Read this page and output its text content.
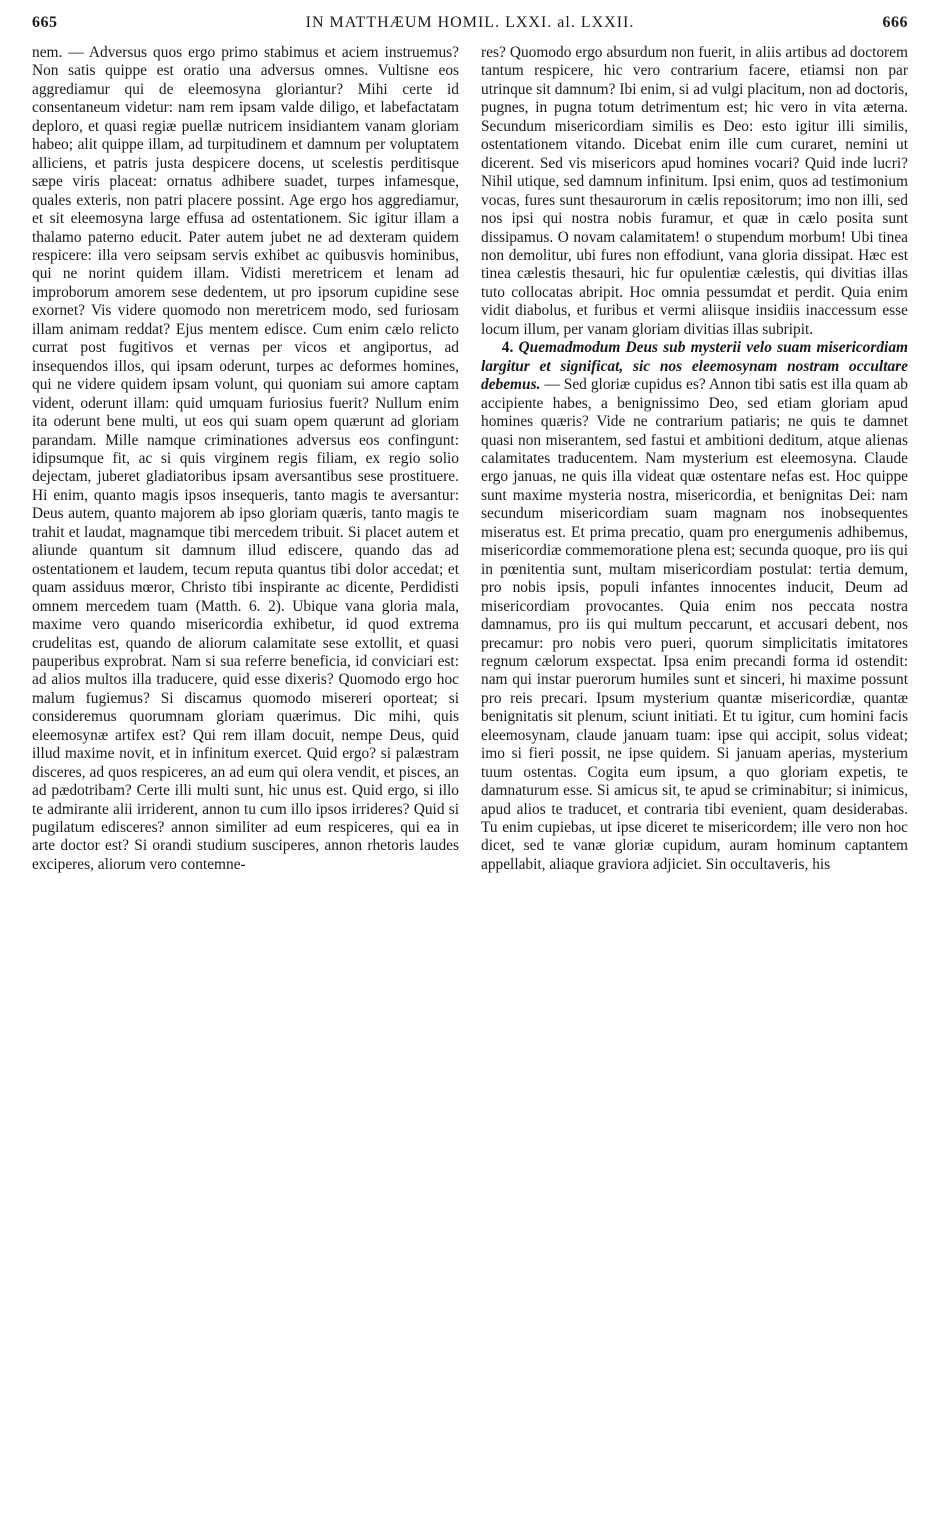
665	IN MATTHÆUM HOMIL. LXXI. al. LXXII.	666

nem. — Adversus quos ergo primo stabimus et aciem instruemus? Non satis quippe est oratio una adversus omnes. Vultisne eos aggrediamur qui de eleemosyna gloriantur? Mihi certe id consentaneum videtur: nam rem ipsam valde diligo, et labefactatam deploro, et quasi regiæ puellæ nutricem insidiantem vanam gloriam habeo; alit quippe illam, ad turpitudinem et damnum per voluptatem alliciens, et patris justa despicere docens, ut scelestis perditisque sæpe viris placeat: ornatus adhibere suadet, turpes infamesque, quales exteris, non patri placere possint. Age ergo hos aggrediamur, et sit eleemosyna large effusa ad ostentationem. Sic igitur illam a thalamo paterno educit. Pater autem jubet ne ad dexteram quidem respicere: illa vero seipsam servis exhibet ac quibusvis hominibus, qui ne norint quidem illam. Vidisti meretricem et lenam ad improborum amorem sese dedentem, ut pro ipsorum cupidine sese exornet? Vis videre quomodo non meretricem modo, sed furiosam illam animam reddat? Ejus mentem edisce. Cum enim cælo relicto currat post fugitivos et vernas per vicos et angiportus, ad insequendos illos, qui ipsam oderunt, turpes ac deformes homines, qui ne videre quidem ipsam volunt, qui quoniam sui amore captam vident, oderunt illam: quid umquam furiosius fuerit? Nullum enim ita oderunt bene multi, ut eos qui suam opem quærunt ad gloriam parandam. Mille namque criminationes adversus eos confingunt: idipsumque fit, ac si quis virginem regis filiam, ex regio solio dejectam, juberet gladiatoribus ipsam aversantibus sese prostituere. Hi enim, quanto magis ipsos insequeris, tanto magis te aversantur: Deus autem, quanto majorem ab ipso gloriam quæris, tanto magis te trahit et laudat, magnamque tibi mercedem tribuit. Si placet autem et aliunde quantum sit damnum illud ediscere, quando das ad ostentationem et laudem, tecum reputa quantus tibi dolor accedat; et quam assiduus mœror, Christo tibi inspirante ac dicente, Perdidisti omnem mercedem tuam (Matth. 6. 2). Ubique vana gloria mala, maxime vero quando misericordia exhibetur, id quod extrema crudelitas est, quando de aliorum calamitate sese extollit, et quasi pauperibus exprobrat. Nam si sua referre beneficia, id conviciari est: ad alios multos illa traducere, quid esse dixeris? Quomodo ergo hoc malum fugiemus? Si discamus quomodo misereri oporteat; si consideremus quorumnam gloriam quærimus. Dic mihi, quis eleemosynæ artifex est? Qui rem illam docuit, nempe Deus, quid illud maxime novit, et in infinitum exercet. Quid ergo? si palæstram disceres, ad quos respiceres, an ad eum qui olera vendit, et pisces, an ad pædotribam? Certe illi multi sunt, hic unus est. Quid ergo, si illo te admirante alii irriderent, annon tu cum illo ipsos irrideres? Quid si pugilatum edisceres? annon similiter ad eum respiceres, qui ea in arte doctor est? Si orandi studium susciperes, annon rhetoris laudes exciperes, aliorum vero contemne-

res? Quomodo ergo absurdum non fuerit, in aliis artibus ad doctorem tantum respicere, hic vero contrarium facere, etiamsi non par utrinque sit damnum? Ibi enim, si ad vulgi placitum, non ad doctoris, pugnes, in pugna totum detrimentum est; hic vero in vita æterna. Secundum misericordiam similis es Deo: esto igitur illi similis, ostentationem vitando. Dicebat enim ille cum curaret, nemini ut dicerent. Sed vis misericors apud homines vocari? Quid inde lucri? Nihil utique, sed damnum infinitum. Ipsi enim, quos ad testimonium vocas, fures sunt thesaurorum in cælis repositorum; imo non illi, sed nos ipsi qui nostra nobis furamur, et quæ in cælo posita sunt dissipamus. O novam calamitatem! o stupendum morbum! Ubi tinea non demolitur, ubi fures non effodiunt, vana gloria dissipat. Hæc est tinea cælestis thesauri, hic fur opulentiæ cælestis, qui divitias illas tuto collocatas abripit. Hoc omnia pessumdat et perdit. Quia enim vidit diabolus, et furibus et vermi aliisque insidiis inaccessum esse locum illum, per vanam gloriam divitias illas subripit.

4. Quemadmodum Deus sub mysterii velo suam misericordiam largitur et significat, sic nos eleemosynam nostram occultare debemus. — Sed gloriæ cupidus es? Annon tibi satis est illa quam ab accipiente habes, a benignissimo Deo, sed etiam gloriam apud homines quæris? Vide ne contrarium patiaris; ne quis te damnet quasi non miserantem, sed fastui et ambitioni deditum, atque alienas calamitates traducentem. Nam mysterium est eleemosyna. Claude ergo januas, ne quis illa videat quæ ostentare nefas est. Hoc quippe sunt maxime mysteria nostra, misericordia, et benignitas Dei: nam secundum misericordiam suam magnam nos inobsequentes miseratus est. Et prima precatio, quam pro energumenis adhibemus, misericordiæ commemoratione plena est; secunda quoque, pro iis qui in pœnitentia sunt, multam misericordiam postulat: tertia demum, pro nobis ipsis, populi infantes innocentes inducit, Deum ad misericordiam provocantes. Quia enim nos peccata nostra damnamus, pro iis qui multum peccarunt, et accusari debent, nos precamur: pro nobis vero pueri, quorum simplicitatis imitatores regnum cælorum exspectat. Ipsa enim precandi forma id ostendit: nam qui instar puerorum humiles sunt et sinceri, hi maxime possunt pro reis precari. Ipsum mysterium quantæ misericordiæ, quantæ benignitatis sit plenum, sciunt initiati. Et tu igitur, cum homini facis eleemosynam, claude januam tuam: ipse qui accipit, solus videat; imo si fieri possit, ne ipse quidem. Si januam aperias, mysterium tuum ostentas. Cogita eum ipsum, a quo gloriam expetis, te damnaturum esse. Si amicus sit, te apud se criminabitur; si inimicus, apud alios te traducet, et contraria tibi evenient, quam desiderabas. Tu enim cupiebas, ut ipse diceret te misericordem; ille vero non hoc dicet, sed te vanæ gloriæ cupidum, auram hominum captantem appellabit, aliaque graviora adjiciet. Sin occultaveris, his
